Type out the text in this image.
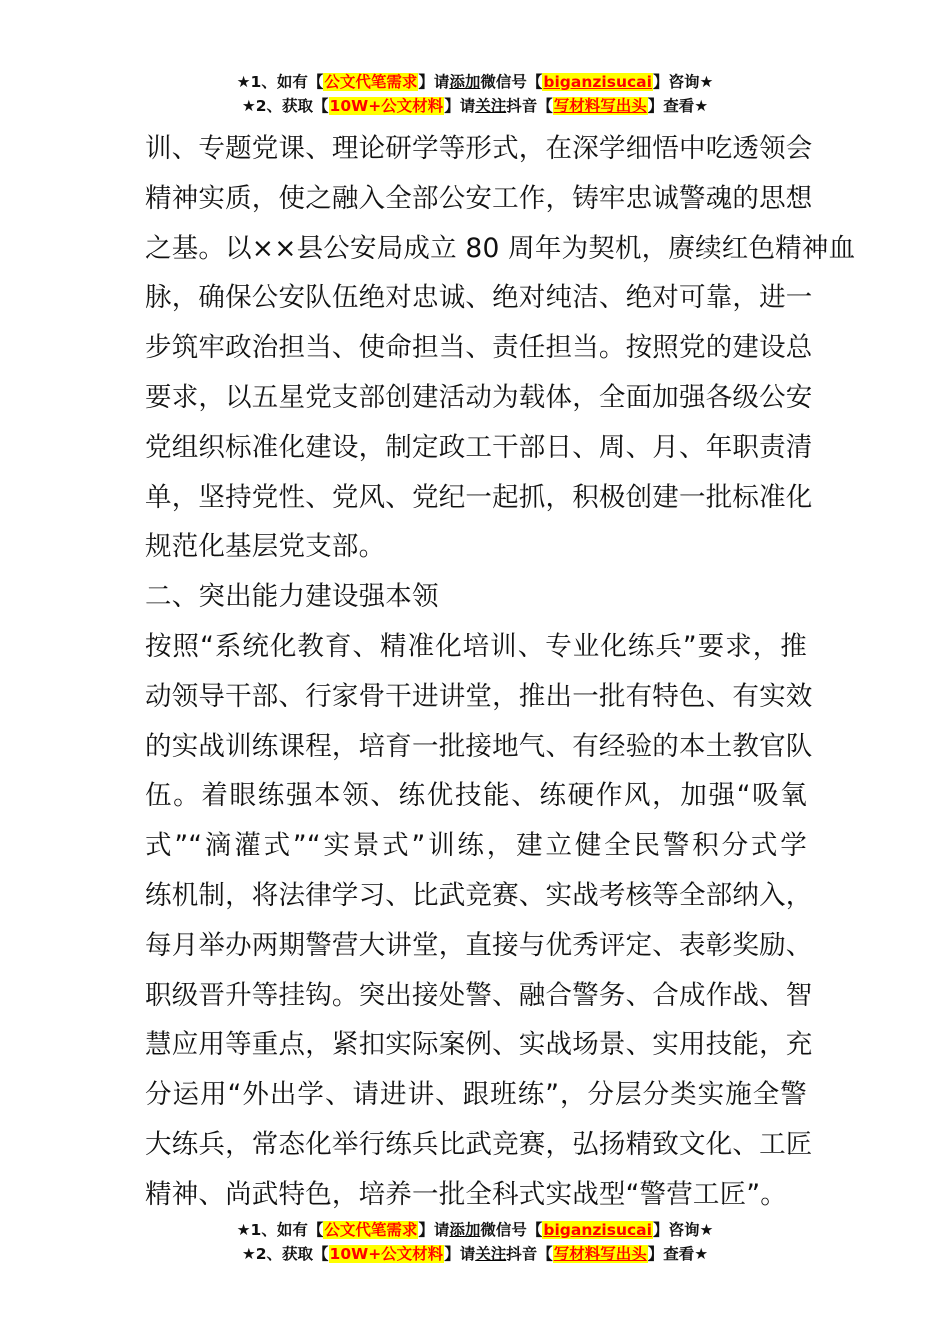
★1、如有【公文代笔需求】请添加微信号【biganzisucai】咨询★
★2、获取【10W+公文材料】请关注抖音【写材料写出头】查看★
训、专题党课、理论研学等形式，在深学细悟中吃透领会
精神实质，使之融入全部公安工作，铸牢忠诚警魂的思想
之基。以××县公安局成立 80 周年为契机，赓续红色精神血
脉，确保公安队伍绝对忠诚、绝对纯洁、绝对可靠，进一
步筑牢政治担当、使命担当、责任担当。按照党的建设总
要求，以五星党支部创建活动为载体，全面加强各级公安
党组织标准化建设，制定政工干部日、周、月、年职责清
单，坚持党性、党风、党纪一起抓，积极创建一批标准化
规范化基层党支部。
二、突出能力建设强本领
按照“系统化教育、精准化培训、专业化练兵”要求，推
动领导干部、行家骨干进讲堂，推出一批有特色、有实效
的实战训练课程，培育一批接地气、有经验的本土教官队
伍。着眼练强本领、练优技能、练硬作风，加强“吸氧
式”“滴灌式”“实景式”训练，建立健全民警积分式学
练机制，将法律学习、比武竞赛、实战考核等全部纳入，
每月举办两期警营大讲堂，直接与优秀评定、表彰奖励、
职级晋升等挂钩。突出接处警、融合警务、合成作战、智
慧应用等重点，紧扣实际案例、实战场景、实用技能，充
分运用“外出学、请进讲、跟班练”，分层分类实施全警
大练兵，常态化举行练兵比武竞赛，弘扬精致文化、工匠
精神、尚武特色，培养一批全科式实战型“警营工匠”。
★1、如有【公文代笔需求】请添加微信号【biganzisucai】咨询★
★2、获取【10W+公文材料】请关注抖音【写材料写出头】查看★
